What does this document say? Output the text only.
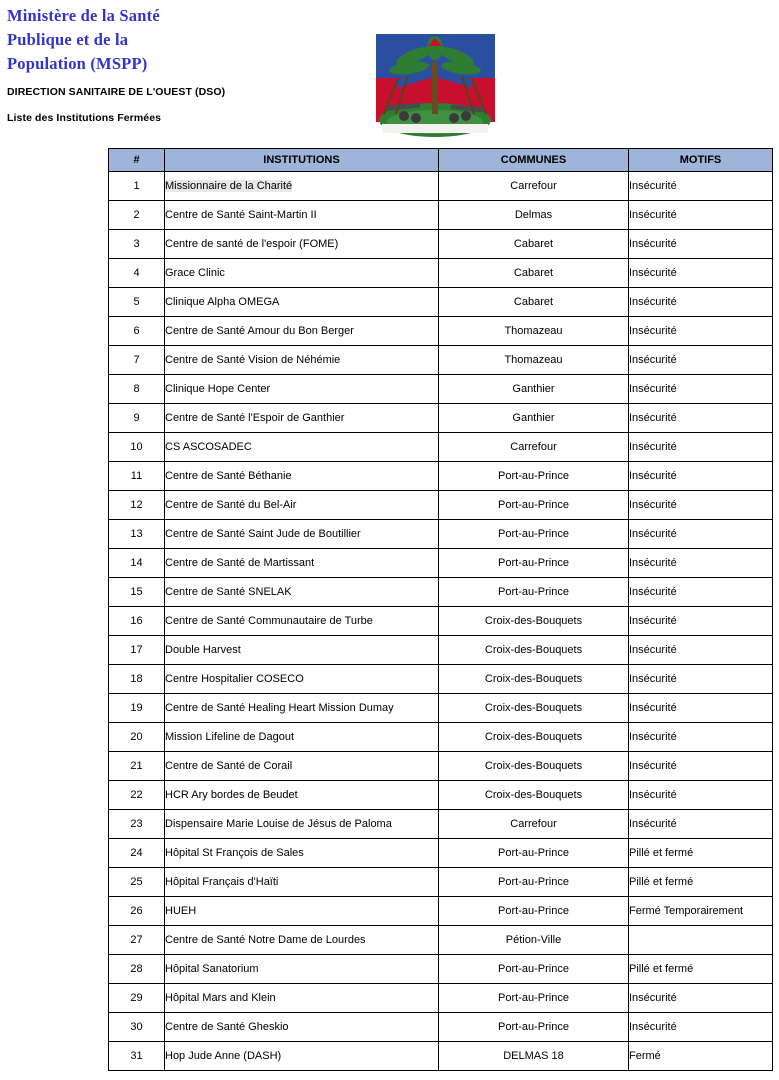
Ministère de la Santé
Publique et de la
Population (MSPP)
DIRECTION SANITAIRE DE L'OUEST (DSO)
Liste des Institutions Fermées
#	INSTITUTIONS	COMMUNES	MOTIFS
1	Missionnaire de la Charité	Carrefour	Insécurité
2	Centre de Santé Saint-Martin II	Delmas	Insécurité
3	Centre de santé de l'espoir (FOME)	Cabaret	Insécurité
4	Grace Clinic	Cabaret	Insécurité
5	Clinique Alpha OMEGA	Cabaret	Insécurité
6	Centre de Santé Amour du Bon Berger	Thomazeau	Insécurité
7	Centre de Santé Vision de Néhémie	Thomazeau	Insécurité
8	Clinique Hope Center	Ganthier	Insécurité
9	Centre de Santé l'Espoir de Ganthier	Ganthier	Insécurité
10	CS ASCOSADEC	Carrefour	Insécurité
11	Centre de Santé Béthanie	Port-au-Prince	Insécurité
12	Centre de Santé du Bel-Air	Port-au-Prince	Insécurité
13	Centre de Santé Saint Jude de Boutillier	Port-au-Prince	Insécurité
14	Centre de Santé de Martissant	Port-au-Prince	Insécurité
15	Centre de Santé SNELAK	Port-au-Prince	Insécurité
16	Centre de Santé Communautaire de Turbe	Croix-des-Bouquets	Insécurité
17	Double Harvest	Croix-des-Bouquets	Insécurité
18	Centre Hospitalier COSECO	Croix-des-Bouquets	Insécurité
19	Centre de Santé Healing Heart Mission Dumay	Croix-des-Bouquets	Insécurité
20	Mission Lifeline de Dagout	Croix-des-Bouquets	Insécurité
21	Centre de Santé de Corail	Croix-des-Bouquets	Insécurité
22	HCR Ary bordes de Beudet	Croix-des-Bouquets	Insécurité
23	Dispensaire Marie Louise de Jésus de Paloma	Carrefour	Insécurité
24	Hôpital St François de Sales	Port-au-Prince	Pillé et fermé
25	Hôpital Français d'Haïti	Port-au-Prince	Pillé et fermé
26	HUEH	Port-au-Prince	Fermé Temporairement
27	Centre de Santé Notre Dame de Lourdes	Pétion-Ville	
28	Hôpital Sanatorium	Port-au-Prince	Pillé et fermé
29	Hôpital Mars and Klein	Port-au-Prince	Insécurité
30	Centre de Santé Gheskio	Port-au-Prince	Insécurité
31	Hop Jude Anne (DASH)	DELMAS 18	Fermé
